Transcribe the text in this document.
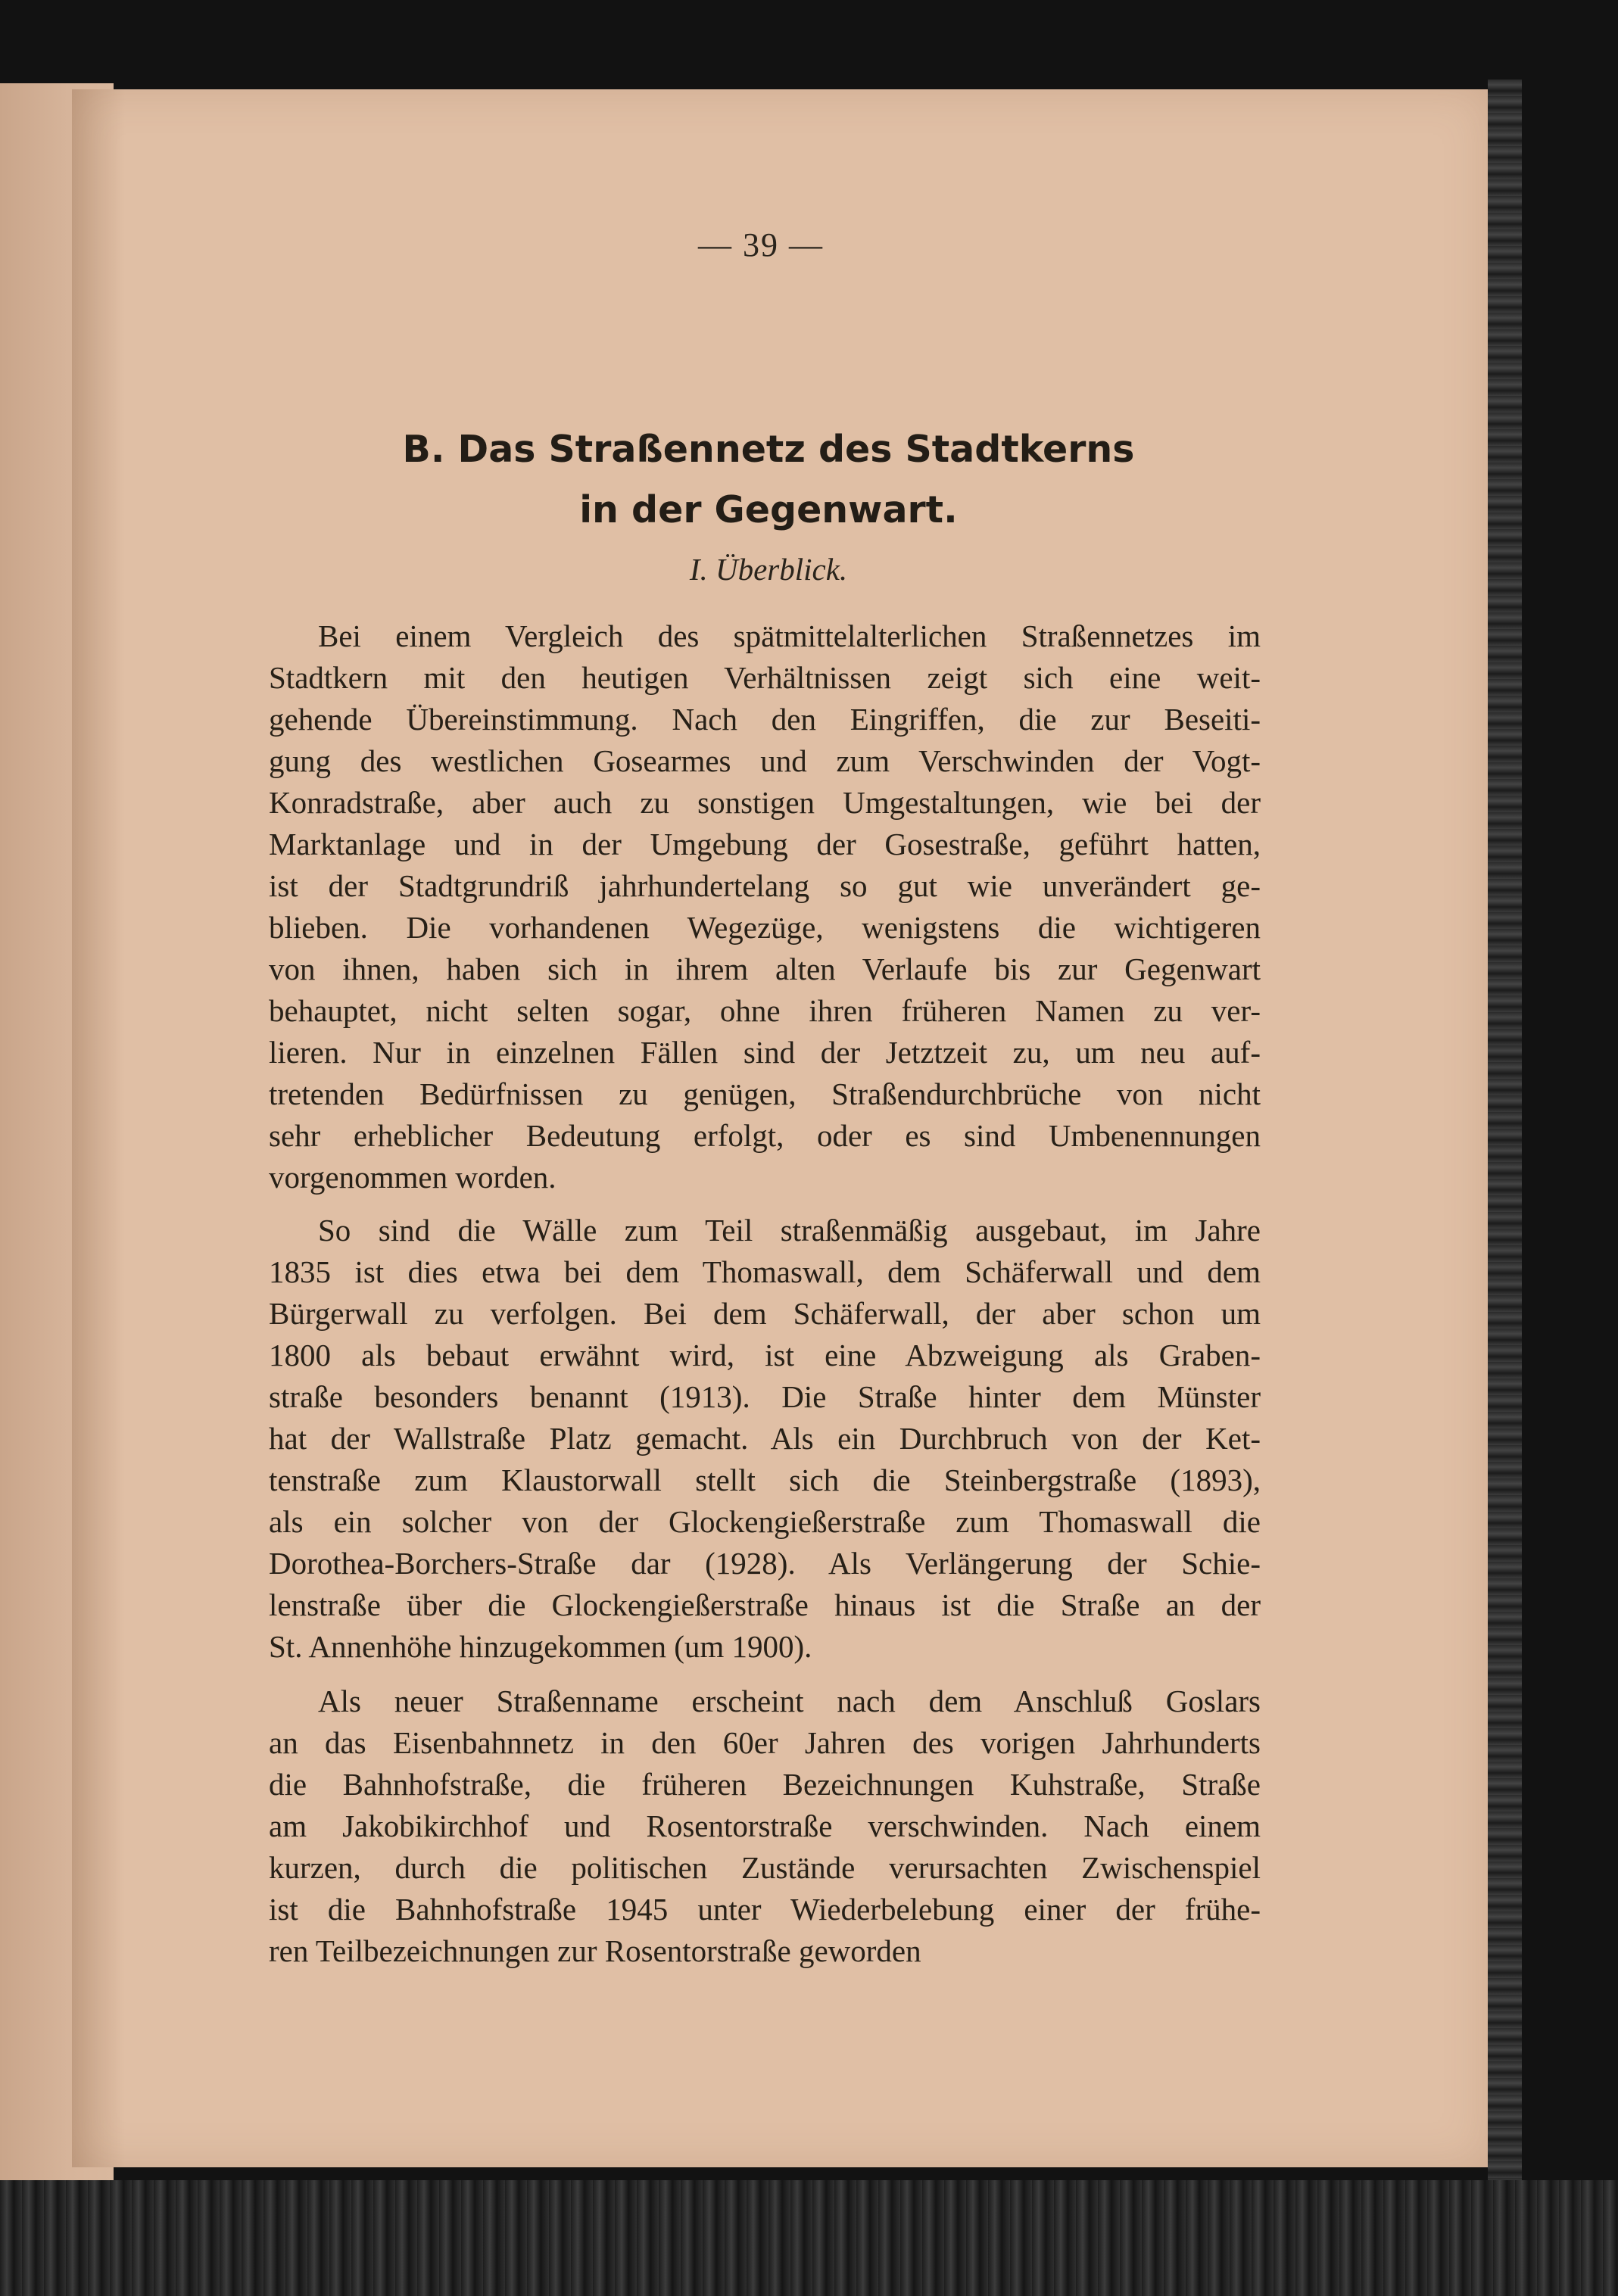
— 39 —
B. Das Straßennetz des Stadtkerns
in der Gegenwart.
I. Überblick.
Bei einem Vergleich des spätmittelalterlichen Straßennetzes im
Stadtkern mit den heutigen Verhältnissen zeigt sich eine weit-
gehende Übereinstimmung. Nach den Eingriffen, die zur Beseiti-
gung des westlichen Gosearmes und zum Verschwinden der Vogt-
Konradstraße, aber auch zu sonstigen Umgestaltungen, wie bei der
Marktanlage und in der Umgebung der Gosestraße, geführt hatten,
ist der Stadtgrundriß jahrhundertelang so gut wie unverändert ge-
blieben. Die vorhandenen Wegezüge, wenigstens die wichtigeren
von ihnen, haben sich in ihrem alten Verlaufe bis zur Gegenwart
behauptet, nicht selten sogar, ohne ihren früheren Namen zu ver-
lieren. Nur in einzelnen Fällen sind der Jetztzeit zu, um neu auf-
tretenden Bedürfnissen zu genügen, Straßendurchbrüche von nicht
sehr erheblicher Bedeutung erfolgt, oder es sind Umbenennungen
vorgenommen worden.
So sind die Wälle zum Teil straßenmäßig ausgebaut, im Jahre
1835 ist dies etwa bei dem Thomaswall, dem Schäferwall und dem
Bürgerwall zu verfolgen. Bei dem Schäferwall, der aber schon um
1800 als bebaut erwähnt wird, ist eine Abzweigung als Graben-
straße besonders benannt (1913). Die Straße hinter dem Münster
hat der Wallstraße Platz gemacht. Als ein Durchbruch von der Ket-
tenstraße zum Klaustorwall stellt sich die Steinbergstraße (1893),
als ein solcher von der Glockengießerstraße zum Thomaswall die
Dorothea-Borchers-Straße dar (1928). Als Verlängerung der Schie-
lenstraße über die Glockengießerstraße hinaus ist die Straße an der
St. Annenhöhe hinzugekommen (um 1900).
Als neuer Straßenname erscheint nach dem Anschluß Goslars
an das Eisenbahnnetz in den 60er Jahren des vorigen Jahrhunderts
die Bahnhofstraße, die früheren Bezeichnungen Kuhstraße, Straße
am Jakobikirchhof und Rosentorstraße verschwinden. Nach einem
kurzen, durch die politischen Zustände verursachten Zwischenspiel
ist die Bahnhofstraße 1945 unter Wiederbelebung einer der frühe-
ren Teilbezeichnungen zur Rosentorstraße geworden
